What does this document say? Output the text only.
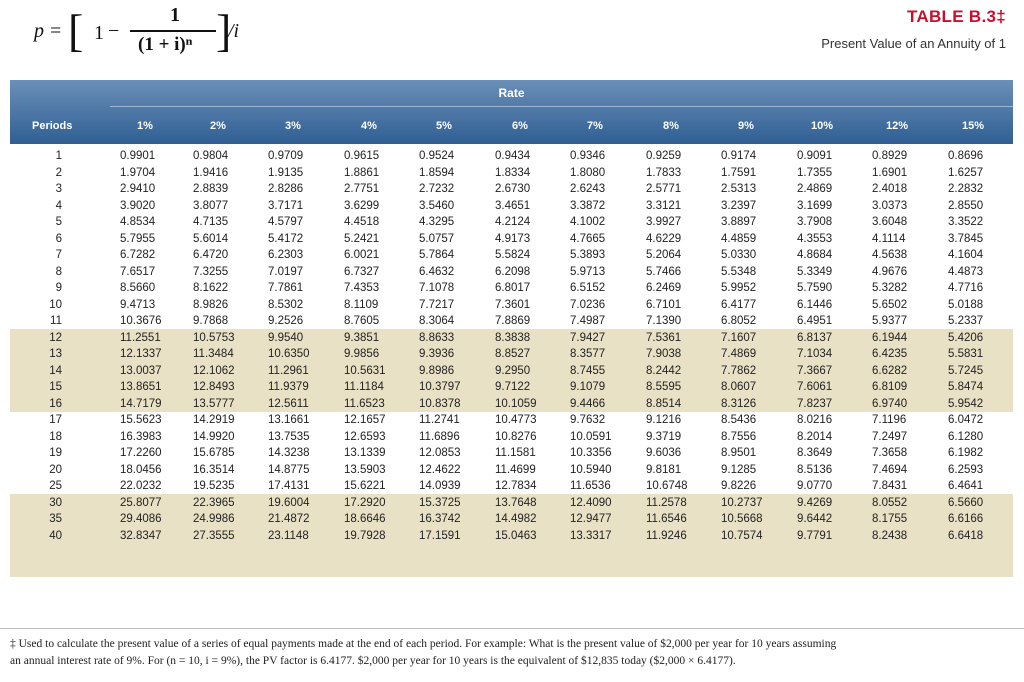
p = [ 1 −
1
(1 + i)ⁿ ]
/i
TABLE B.3‡
Present Value of an Annuity of 1
Rate
Periods	1%	2%	3%	4%	5%	6%	7%	8%	9%	10%	12%	15%
1	0.9901	0.9804	0.9709	0.9615	0.9524	0.9434	0.9346	0.9259	0.9174	0.9091	0.8929	0.8696
2	1.9704	1.9416	1.9135	1.8861	1.8594	1.8334	1.8080	1.7833	1.7591	1.7355	1.6901	1.6257
3	2.9410	2.8839	2.8286	2.7751	2.7232	2.6730	2.6243	2.5771	2.5313	2.4869	2.4018	2.2832
4	3.9020	3.8077	3.7171	3.6299	3.5460	3.4651	3.3872	3.3121	3.2397	3.1699	3.0373	2.8550
5	4.8534	4.7135	4.5797	4.4518	4.3295	4.2124	4.1002	3.9927	3.8897	3.7908	3.6048	3.3522
6	5.7955	5.6014	5.4172	5.2421	5.0757	4.9173	4.7665	4.6229	4.4859	4.3553	4.1114	3.7845
7	6.7282	6.4720	6.2303	6.0021	5.7864	5.5824	5.3893	5.2064	5.0330	4.8684	4.5638	4.1604
8	7.6517	7.3255	7.0197	6.7327	6.4632	6.2098	5.9713	5.7466	5.5348	5.3349	4.9676	4.4873
9	8.5660	8.1622	7.7861	7.4353	7.1078	6.8017	6.5152	6.2469	5.9952	5.7590	5.3282	4.7716
10	9.4713	8.9826	8.5302	8.1109	7.7217	7.3601	7.0236	6.7101	6.4177	6.1446	5.6502	5.0188
11	10.3676	9.7868	9.2526	8.7605	8.3064	7.8869	7.4987	7.1390	6.8052	6.4951	5.9377	5.2337
12	11.2551	10.5753	9.9540	9.3851	8.8633	8.3838	7.9427	7.5361	7.1607	6.8137	6.1944	5.4206
13	12.1337	11.3484	10.6350	9.9856	9.3936	8.8527	8.3577	7.9038	7.4869	7.1034	6.4235	5.5831
14	13.0037	12.1062	11.2961	10.5631	9.8986	9.2950	8.7455	8.2442	7.7862	7.3667	6.6282	5.7245
15	13.8651	12.8493	11.9379	11.1184	10.3797	9.7122	9.1079	8.5595	8.0607	7.6061	6.8109	5.8474
16	14.7179	13.5777	12.5611	11.6523	10.8378	10.1059	9.4466	8.8514	8.3126	7.8237	6.9740	5.9542
17	15.5623	14.2919	13.1661	12.1657	11.2741	10.4773	9.7632	9.1216	8.5436	8.0216	7.1196	6.0472
18	16.3983	14.9920	13.7535	12.6593	11.6896	10.8276	10.0591	9.3719	8.7556	8.2014	7.2497	6.1280
19	17.2260	15.6785	14.3238	13.1339	12.0853	11.1581	10.3356	9.6036	8.9501	8.3649	7.3658	6.1982
20	18.0456	16.3514	14.8775	13.5903	12.4622	11.4699	10.5940	9.8181	9.1285	8.5136	7.4694	6.2593
25	22.0232	19.5235	17.4131	15.6221	14.0939	12.7834	11.6536	10.6748	9.8226	9.0770	7.8431	6.4641
30	25.8077	22.3965	19.6004	17.2920	15.3725	13.7648	12.4090	11.2578	10.2737	9.4269	8.0552	6.5660
35	29.4086	24.9986	21.4872	18.6646	16.3742	14.4982	12.9477	11.6546	10.5668	9.6442	8.1755	6.6166
40	32.8347	27.3555	23.1148	19.7928	17.1591	15.0463	13.3317	11.9246	10.7574	9.7791	8.2438	6.6418
‡ Used to calculate the present value of a series of equal payments made at the end of each period. For example: What is the present value of $2,000 per year for 10 years assuming
an annual interest rate of 9%. For (n = 10, i = 9%), the PV factor is 6.4177. $2,000 per year for 10 years is the equivalent of $12,835 today ($2,000 × 6.4177).
